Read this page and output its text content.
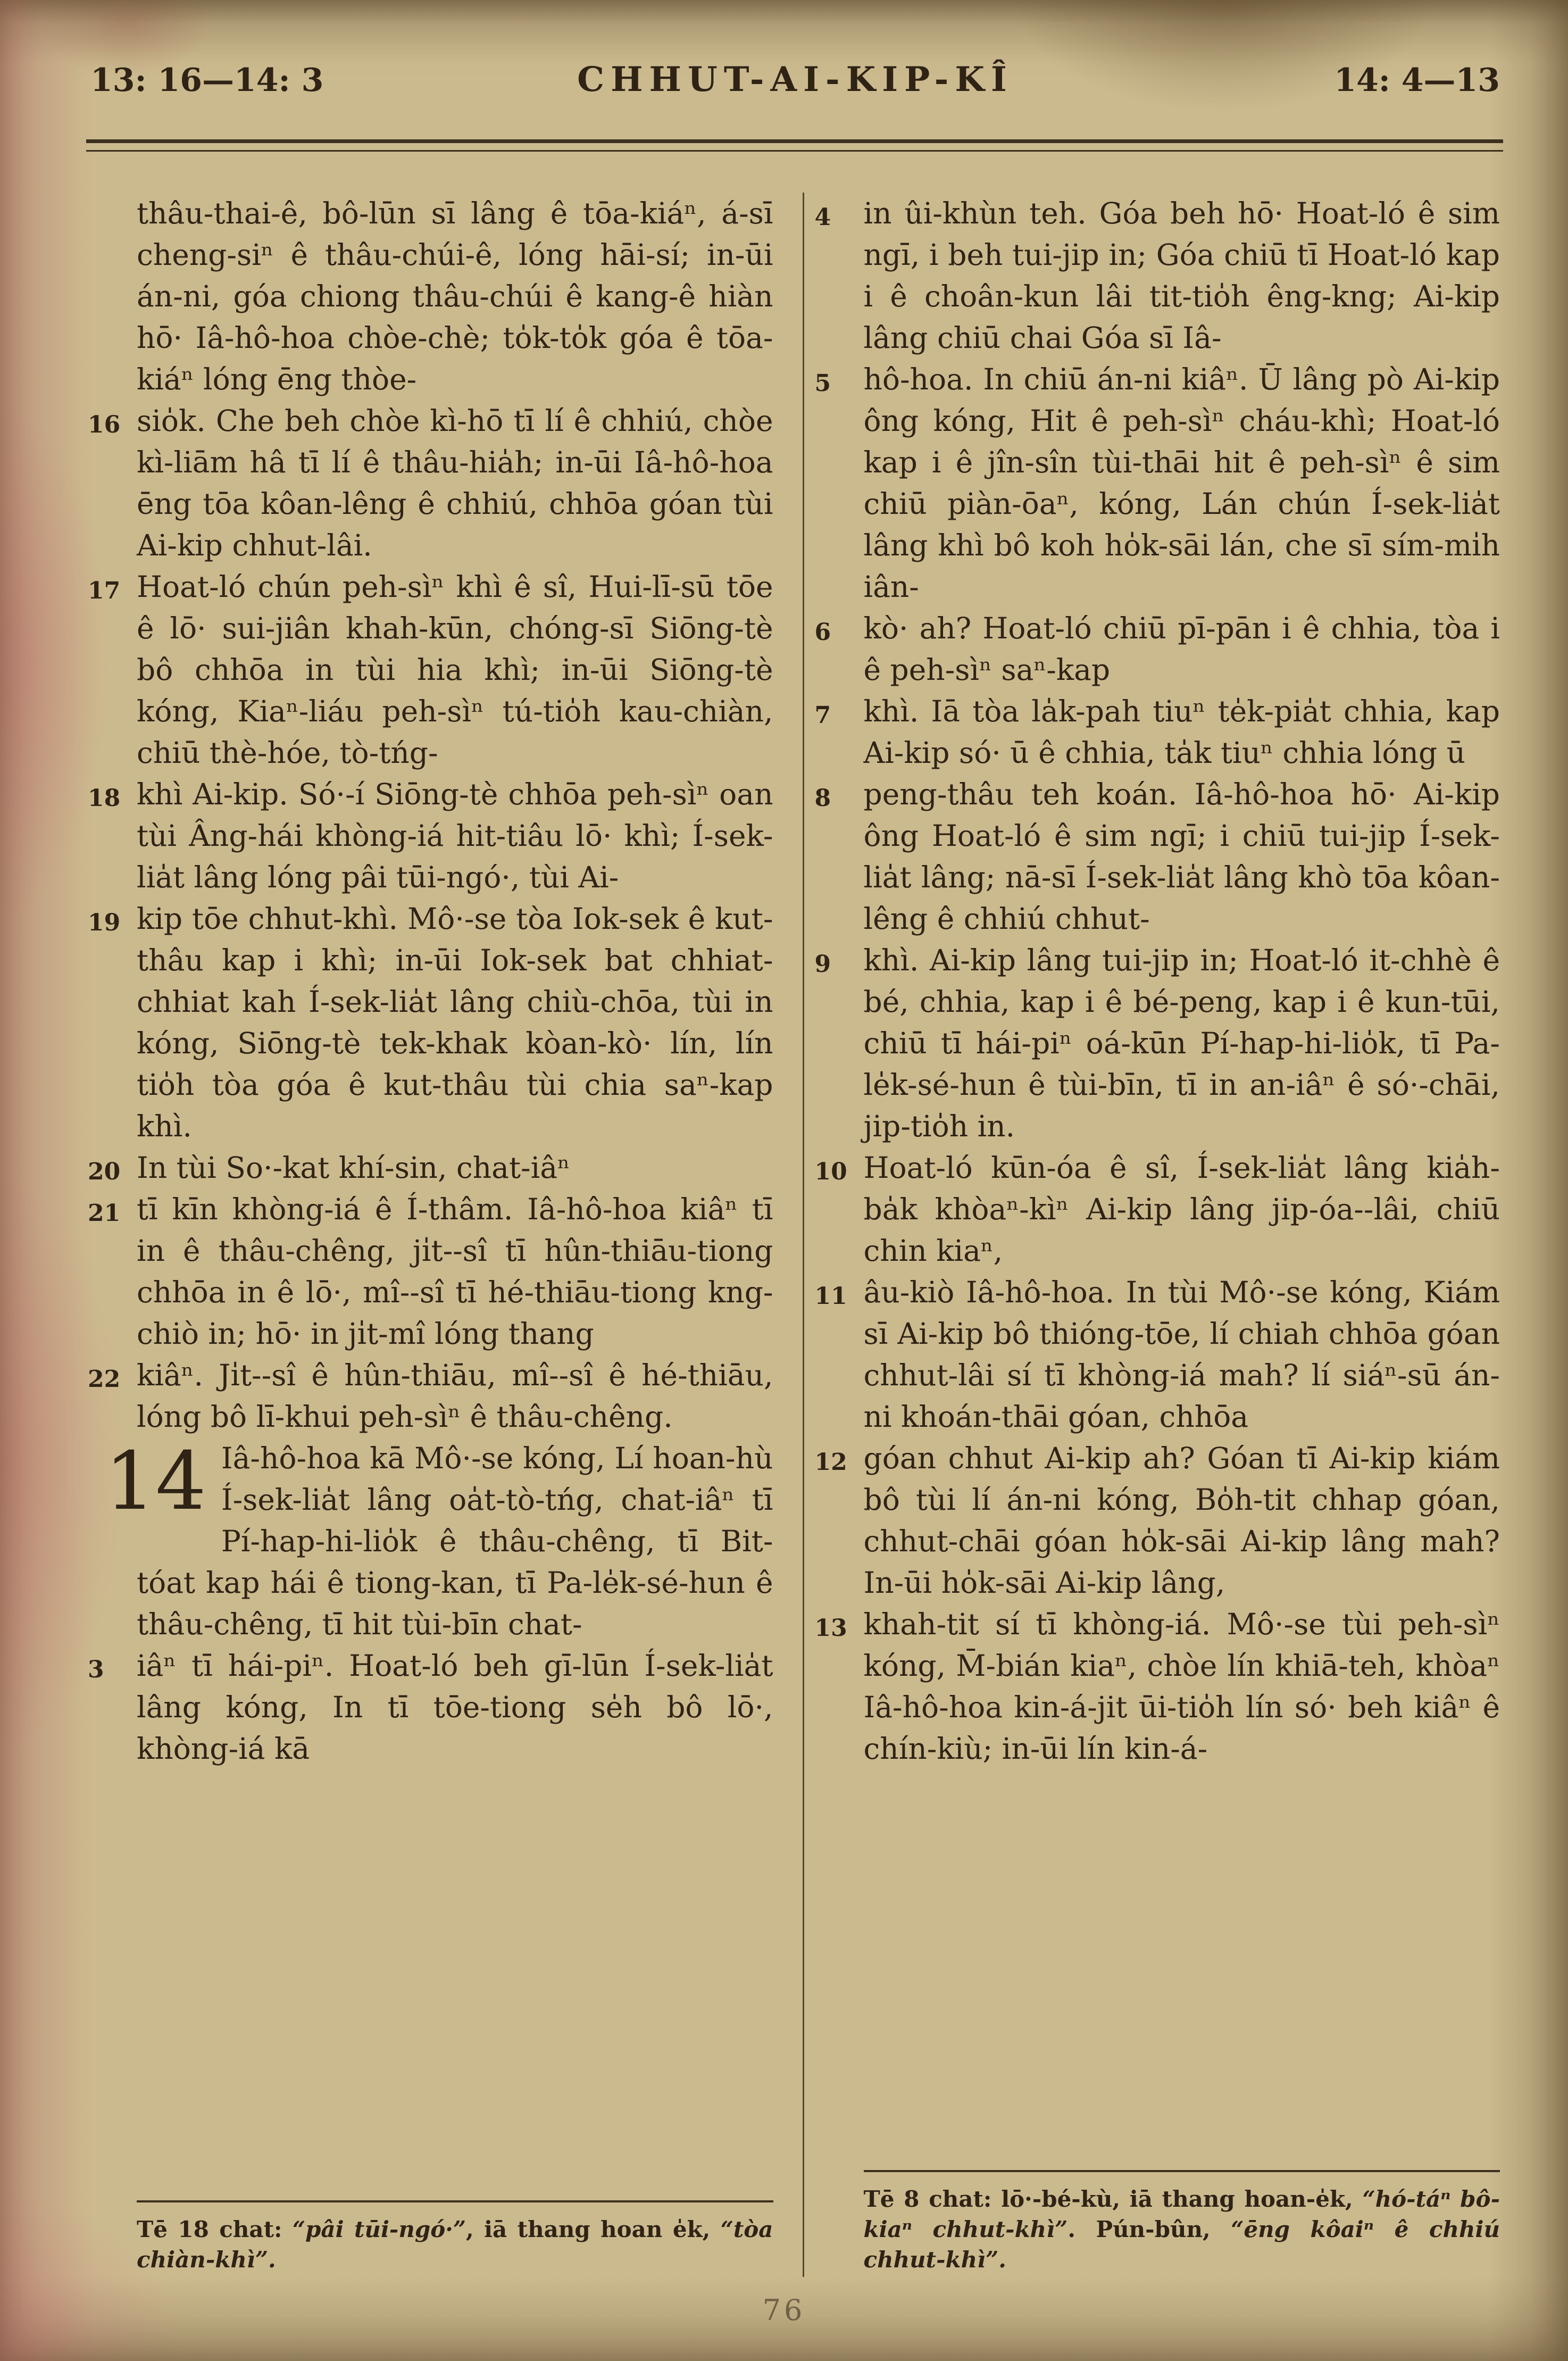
13: 16—14: 3	CHHUT-AI-KIP-KÎ	14: 4—13

thâu-thai-ê, bô-lūn sī lâng ê tōa-kiáⁿ, á-sī cheng-siⁿ ê thâu-chúi-ê, lóng hāi-sí; in-ūi án-ni, góa chiong thâu-chúi ê kang-ê hiàn hō· Iâ-hô-hoa chòe-chè; to̍k-to̍k góa ê tōa-kiáⁿ lóng ēng thòe-

16 sio̍k. Che beh chòe kì-hō tī lí ê chhiú, chòe kì-liām hâ tī lí ê thâu-hia̍h; in-ūi Iâ-hô-hoa ēng tōa kôan-lêng ê chhiú, chhōa góan tùi Ai-kip chhut-lâi.

17 Hoat-ló chún peh-sìⁿ khì ê sî, Hui-lī-sū tōe ê lō· sui-jiân khah-kūn, chóng-sī Siōng-tè bô chhōa in tùi hia khì; in-ūi Siōng-tè kóng, Kiaⁿ-liáu peh-sìⁿ tú-tio̍h kau-chiàn, chiū thè-hóe, tò-tńg-

18 khì Ai-kip. Só·-í Siōng-tè chhōa peh-sìⁿ oan tùi Âng-hái khòng-iá hit-tiâu lō· khì; Í-sek-lia̍t lâng lóng pâi tūi-ngó·, tùi Ai-

19 kip tōe chhut-khì. Mô·-se tòa Iok-sek ê kut-thâu kap i khì; in-ūi Iok-sek bat chhiat-chhiat kah Í-sek-lia̍t lâng chiù-chōa, tùi in kóng, Siōng-tè tek-khak kòan-kò· lín, lín tio̍h tòa góa ê kut-thâu tùi chia saⁿ-kap khì.

20 In tùi So·-kat khí-sin, chat-iâⁿ

21 tī kīn khòng-iá ê Í-thâm. Iâ-hô-hoa kiâⁿ tī in ê thâu-chêng, ji̍t--sî tī hûn-thiāu-tiong chhōa in ê lō·, mî--sî tī hé-thiāu-tiong kng-chiò in; hō· in ji̍t-mî lóng thang

22 kiâⁿ. Ji̍t--sî ê hûn-thiāu, mî--sî ê hé-thiāu, lóng bô lī-khui peh-sìⁿ ê thâu-chêng.

14 Iâ-hô-hoa kā Mô·-se kóng, Lí hoan-hù Í-sek-lia̍t lâng oa̍t-tò-tńg, chat-iâⁿ tī Pí-hap-hi-lio̍k ê thâu-chêng, tī Bit-tóat kap hái ê tiong-kan, tī Pa-le̍k-sé-hun ê thâu-chêng, tī hit tùi-bīn chat-

3 iâⁿ tī hái-piⁿ. Hoat-ló beh gī-lūn Í-sek-lia̍t lâng kóng, In tī tōe-tiong se̍h bô lō·, khòng-iá kā

Tē 18 chat: “pâi tūi-ngó·”, iā thang hoan e̍k, “tòa chiàn-khì”.

4 in ûi-khùn teh. Góa beh hō· Hoat-ló ê sim ngī, i beh tui-jip in; Góa chiū tī Hoat-ló kap i ê choân-kun lâi tit-tio̍h êng-kng; Ai-kip lâng chiū chai Góa sī Iâ-

5 hô-hoa. In chiū án-ni kiâⁿ. Ū lâng pò Ai-kip ông kóng, Hit ê peh-sìⁿ cháu-khì; Hoat-ló kap i ê jîn-sîn tùi-thāi hit ê peh-sìⁿ ê sim chiū piàn-ōaⁿ, kóng, Lán chún Í-sek-lia̍t lâng khì bô koh ho̍k-sāi lán, che sī sím-mi̍h iân-

6 kò· ah? Hoat-ló chiū pī-pān i ê chhia, tòa i ê peh-sìⁿ saⁿ-kap

7 khì. Iā tòa la̍k-pah tiuⁿ te̍k-pia̍t chhia, kap Ai-kip só· ū ê chhia, ta̍k tiuⁿ chhia lóng ū

8 peng-thâu teh koán. Iâ-hô-hoa hō· Ai-kip ông Hoat-ló ê sim ngī; i chiū tui-jip Í-sek-lia̍t lâng; nā-sī Í-sek-lia̍t lâng khò tōa kôan-lêng ê chhiú chhut-

9 khì. Ai-kip lâng tui-jip in; Hoat-ló it-chhè ê bé, chhia, kap i ê bé-peng, kap i ê kun-tūi, chiū tī hái-piⁿ oá-kūn Pí-hap-hi-lio̍k, tī Pa-le̍k-sé-hun ê tùi-bīn, tī in an-iâⁿ ê só·-chāi, jip-tio̍h in.

10 Hoat-ló kūn-óa ê sî, Í-sek-lia̍t lâng kia̍h-ba̍k khòaⁿ-kìⁿ Ai-kip lâng jip-óa--lâi, chiū chin kiaⁿ,

11 âu-kiò Iâ-hô-hoa. In tùi Mô·-se kóng, Kiám sī Ai-kip bô thióng-tōe, lí chiah chhōa góan chhut-lâi sí tī khòng-iá mah? lí siáⁿ-sū án-ni khoán-thāi góan, chhōa

12 góan chhut Ai-kip ah? Góan tī Ai-kip kiám bô tùi lí án-ni kóng, Bo̍h-tit chhap góan, chhut-chāi góan ho̍k-sāi Ai-kip lâng mah? In-ūi ho̍k-sāi Ai-kip lâng,

13 khah-tit sí tī khòng-iá. Mô·-se tùi peh-sìⁿ kóng, M̄-bián kiaⁿ, chòe lín khiā-teh, khòaⁿ Iâ-hô-hoa kin-á-jit ūi-tio̍h lín só· beh kiâⁿ ê chín-kiù; in-ūi lín kin-á-

Tē 8 chat: lō·-bé-kù, iā thang hoan-e̍k, “hó-táⁿ bô-kiaⁿ chhut-khì”. Pún-bûn, “ēng kôaiⁿ ê chhiú chhut-khì”.

76
